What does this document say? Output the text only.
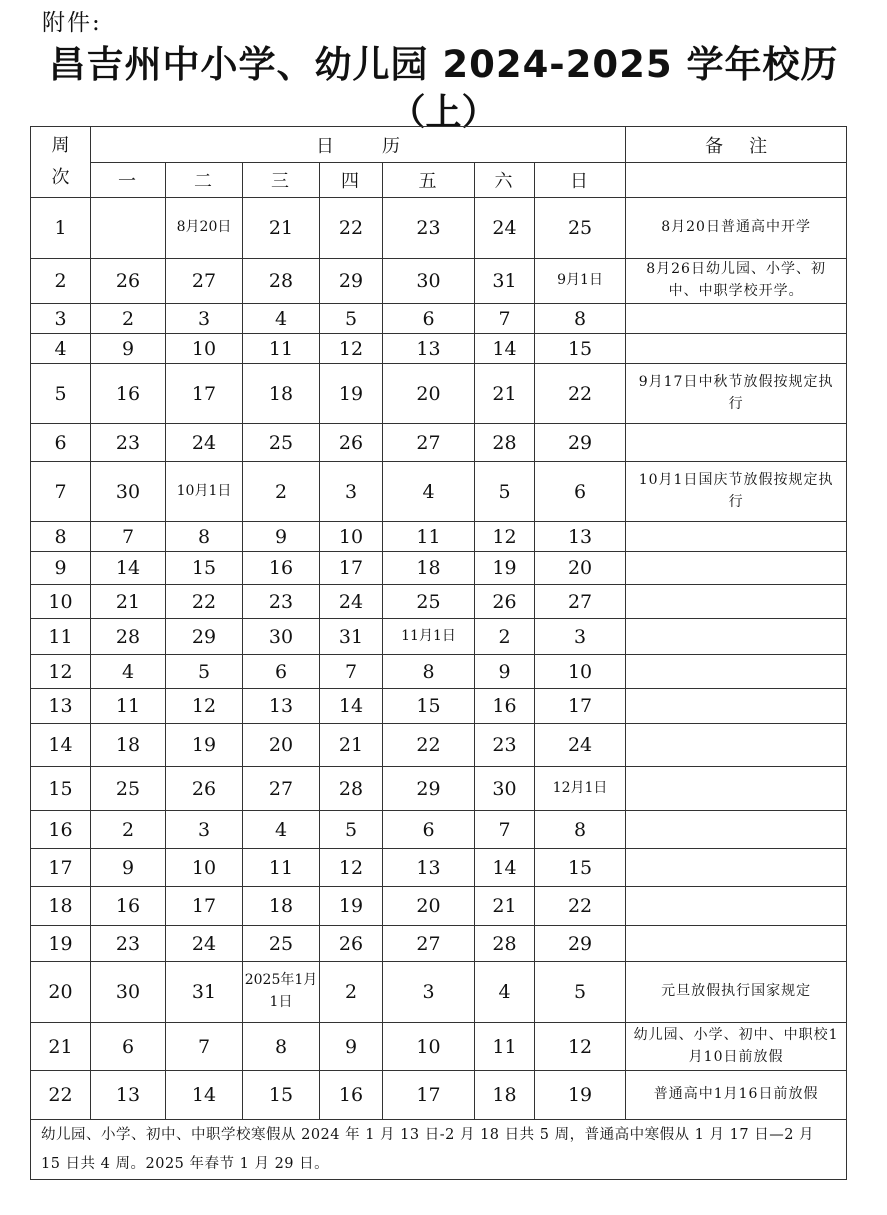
附件:
昌吉州中小学、幼儿园 2024-2025 学年校历
（上）
周
次	日历							备注
	一	二	三	四	五	六	日	
1		8月20日	21	22	23	24	25	8月20日普通高中开学
2	26	27	28	29	30	31	9月1日	8月26日幼儿园、小学、初中、中职学校开学。
3	2	3	4	5	6	7	8	
4	9	10	11	12	13	14	15	
5	16	17	18	19	20	21	22	9月17日中秋节放假按规定执行
6	23	24	25	26	27	28	29	
7	30	10月1日	2	3	4	5	6	10月1日国庆节放假按规定执行
8	7	8	9	10	11	12	13	
9	14	15	16	17	18	19	20	
10	21	22	23	24	25	26	27	
11	28	29	30	31	11月1日	2	3	
12	4	5	6	7	8	9	10	
13	11	12	13	14	15	16	17	
14	18	19	20	21	22	23	24	
15	25	26	27	28	29	30	12月1日	
16	2	3	4	5	6	7	8	
17	9	10	11	12	13	14	15	
18	16	17	18	19	20	21	22	
19	23	24	25	26	27	28	29	
20	30	31	2025年1月1日	2	3	4	5	元旦放假执行国家规定
21	6	7	8	9	10	11	12	幼儿园、小学、初中、中职校1月10日前放假
22	13	14	15	16	17	18	19	普通高中1月16日前放假
幼儿园、小学、初中、中职学校寒假从 2024 年 1 月 13 日-2 月 18 日共 5 周，普通高中寒假从 1 月 17 日—2 月 15 日共 4 周。2025 年春节 1 月 29 日。								
